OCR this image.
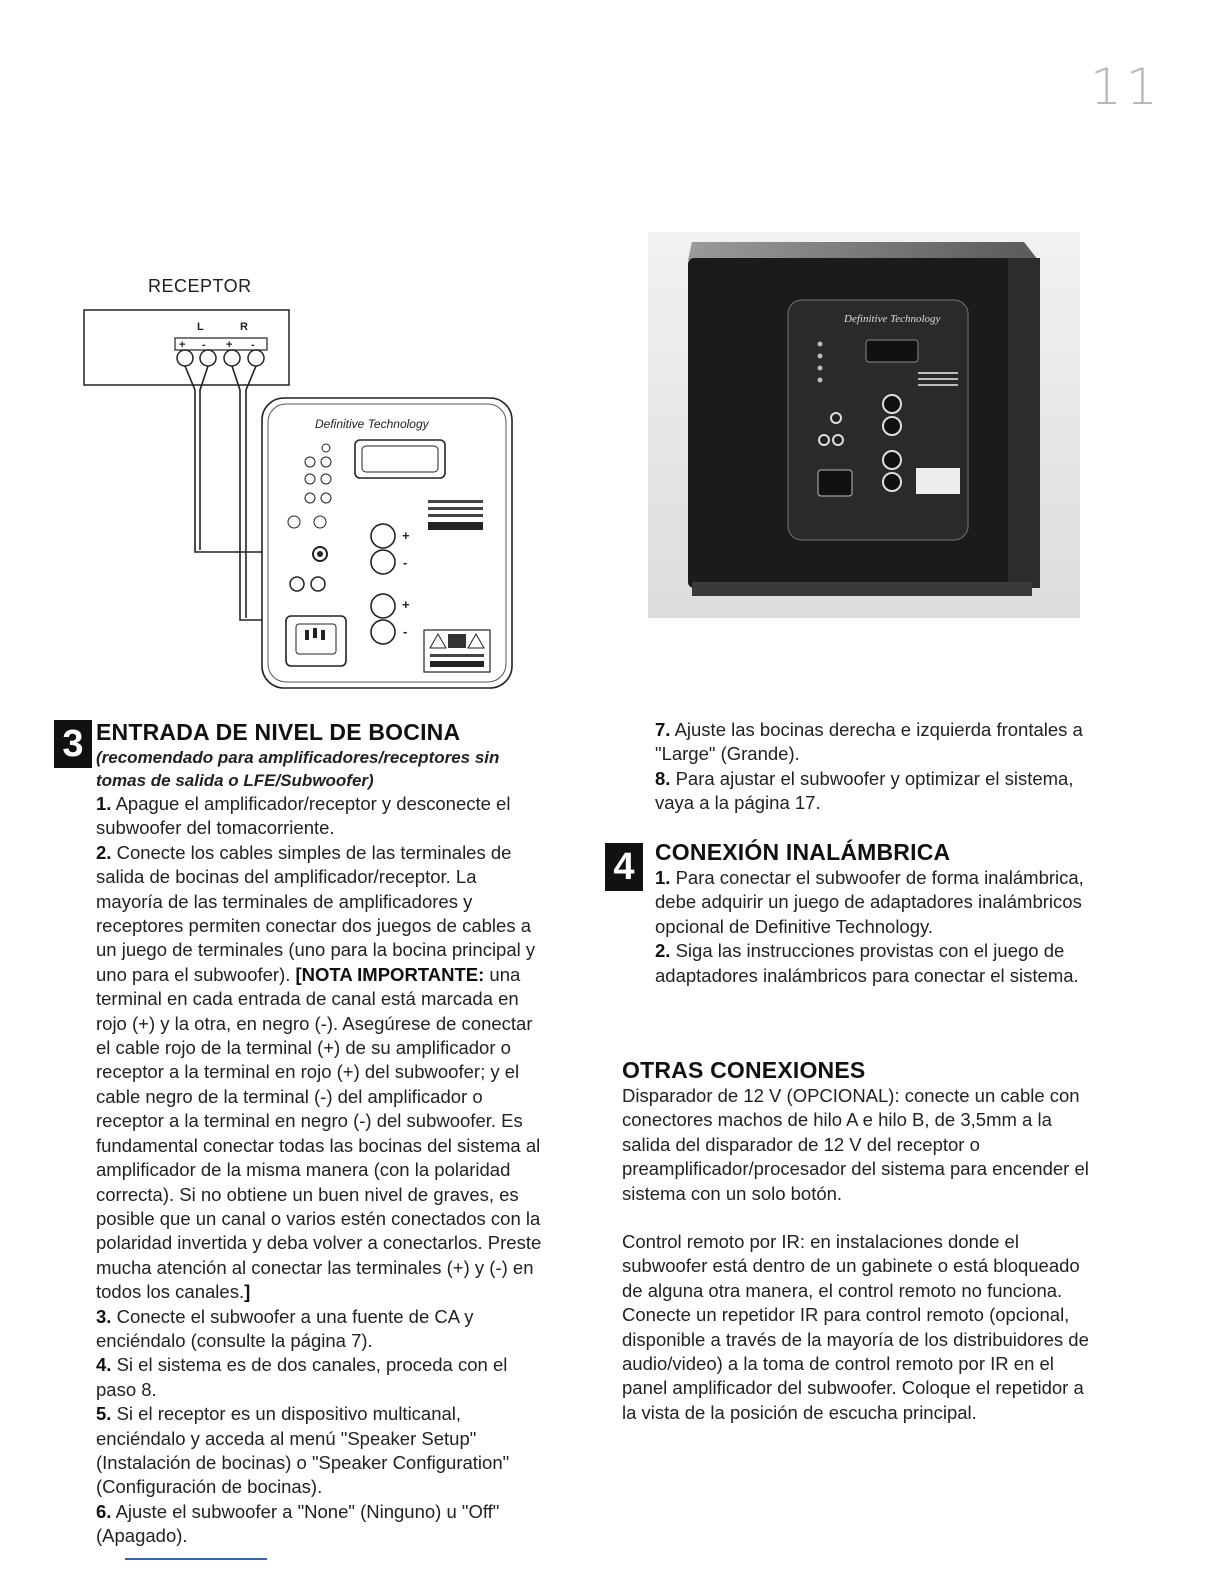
11
RECEPTOR
L	R
+ - + -
Definitive Technology
+
-
+
-
Definitive Technology
3 ENTRADA DE NIVEL DE BOCINA

(recomendado para amplificadores/receptores sin tomas de salida o LFE/Subwoofer)

1. Apague el amplificador/receptor y desconecte el subwoofer del tomacorriente.

2. Conecte los cables simples de las terminales de salida de bocinas del amplificador/receptor. La mayoría de las terminales de amplificadores y receptores permiten conectar dos juegos de cables a un juego de terminales (uno para la bocina principal y uno para el subwoofer). [NOTA IMPORTANTE: una terminal en cada entrada de canal está marcada en rojo (+) y la otra, en negro (-). Asegúrese de conectar el cable rojo de la terminal (+) de su amplificador o receptor a la terminal en rojo (+) del subwoofer; y el cable negro de la terminal (-) del amplificador o receptor a la terminal en negro (-) del subwoofer. Es fundamental conectar todas las bocinas del sistema al amplificador de la misma manera (con la polaridad correcta). Si no obtiene un buen nivel de graves, es posible que un canal o varios estén conectados con la polaridad invertida y deba volver a conectarlos. Preste mucha atención al conectar las terminales (+) y (-) en todos los canales.]

3. Conecte el subwoofer a una fuente de CA y enciéndalo (consulte la página 7).

4. Si el sistema es de dos canales, proceda con el paso 8.

5. Si el receptor es un dispositivo multicanal, enciéndalo y acceda al menú "Speaker Setup" (Instalación de bocinas) o "Speaker Configuration" (Configuración de bocinas).

6. Ajuste el subwoofer a "None" (Ninguno) u "Off" (Apagado).

7. Ajuste las bocinas derecha e izquierda frontales a "Large" (Grande).

8. Para ajustar el subwoofer y optimizar el sistema, vaya a la página 17.

4 CONEXIÓN INALÁMBRICA

1. Para conectar el subwoofer de forma inalámbrica, debe adquirir un juego de adaptadores inalámbricos opcional de Definitive Technology.

2. Siga las instrucciones provistas con el juego de adaptadores inalámbricos para conectar el sistema.

OTRAS CONEXIONES

Disparador de 12 V (OPCIONAL): conecte un cable con conectores machos de hilo A e hilo B, de 3,5mm a la salida del disparador de 12 V del receptor o preamplificador/procesador del sistema para encender el sistema con un solo botón.

Control remoto por IR: en instalaciones donde el subwoofer está dentro de un gabinete o está bloqueado de alguna otra manera, el control remoto no funciona. Conecte un repetidor IR para control remoto (opcional, disponible a través de la mayoría de los distribuidores de audio/video) a la toma de control remoto por IR en el panel amplificador del subwoofer. Coloque el repetidor a la vista de la posición de escucha principal.
